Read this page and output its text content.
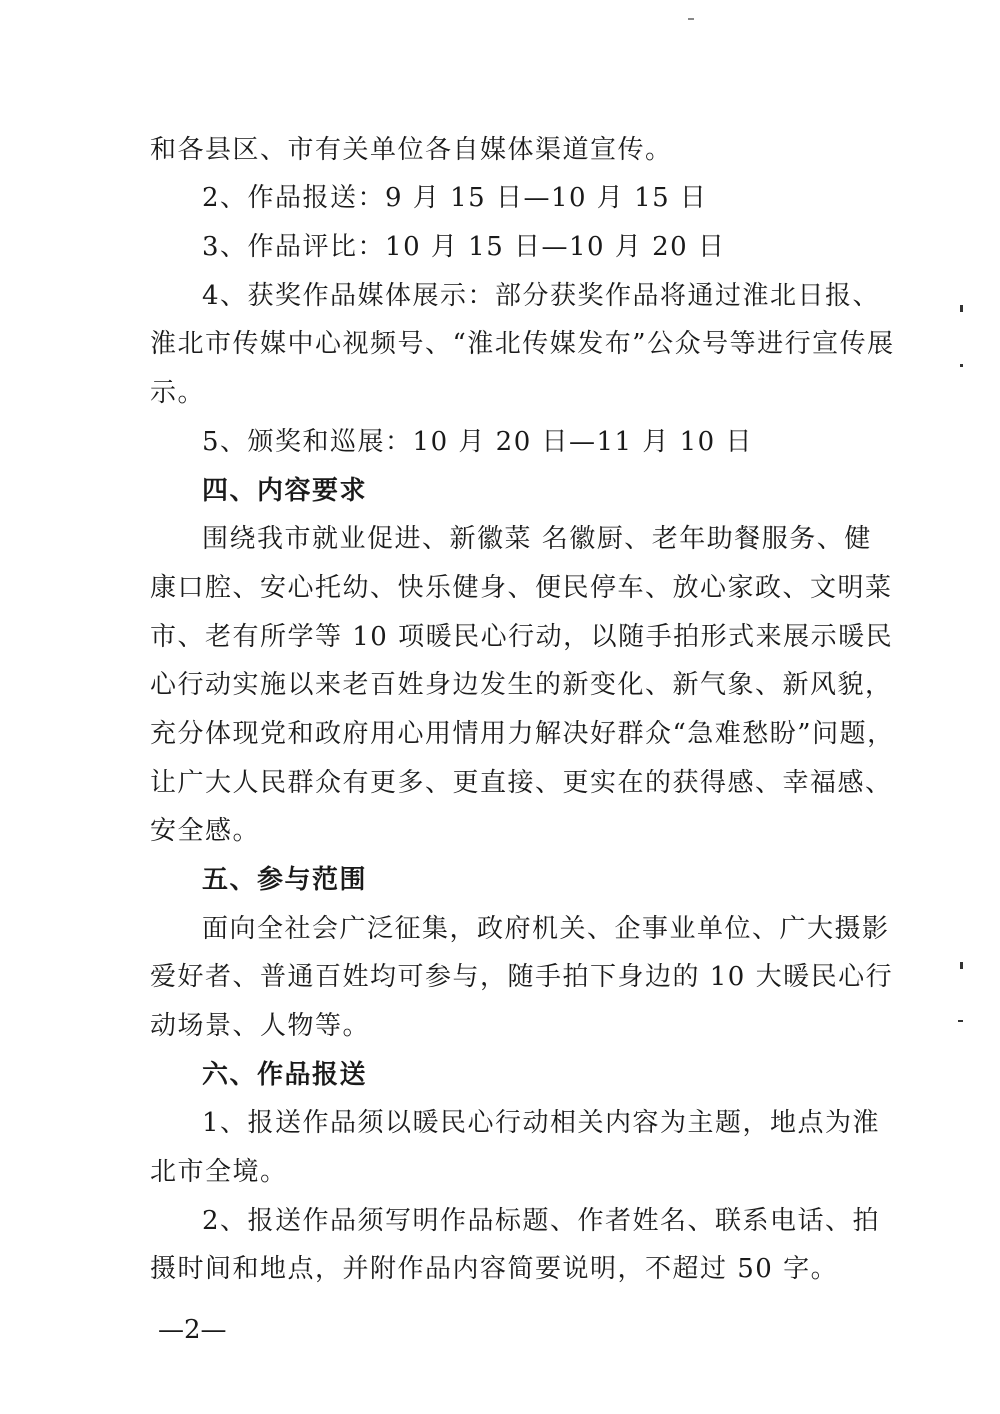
和各县区、市有关单位各自媒体渠道宣传。
2、作品报送：9 月 15 日—10 月 15 日
3、作品评比：10 月 15 日—10 月 20 日
4、获奖作品媒体展示：部分获奖作品将通过淮北日报、
淮北市传媒中心视频号、“淮北传媒发布”公众号等进行宣传展
示。
5、颁奖和巡展：10 月 20 日—11 月 10 日
四、内容要求
围绕我市就业促进、新徽菜 名徽厨、老年助餐服务、健
康口腔、安心托幼、快乐健身、便民停车、放心家政、文明菜
市、老有所学等 10 项暖民心行动，以随手拍形式来展示暖民
心行动实施以来老百姓身边发生的新变化、新气象、新风貌，
充分体现党和政府用心用情用力解决好群众“急难愁盼”问题，
让广大人民群众有更多、更直接、更实在的获得感、幸福感、
安全感。
五、参与范围
面向全社会广泛征集，政府机关、企事业单位、广大摄影
爱好者、普通百姓均可参与，随手拍下身边的 10 大暖民心行
动场景、人物等。
六、作品报送
1、报送作品须以暖民心行动相关内容为主题，地点为淮
北市全境。
2、报送作品须写明作品标题、作者姓名、联系电话、拍
摄时间和地点，并附作品内容简要说明，不超过 50 字。
—2—
